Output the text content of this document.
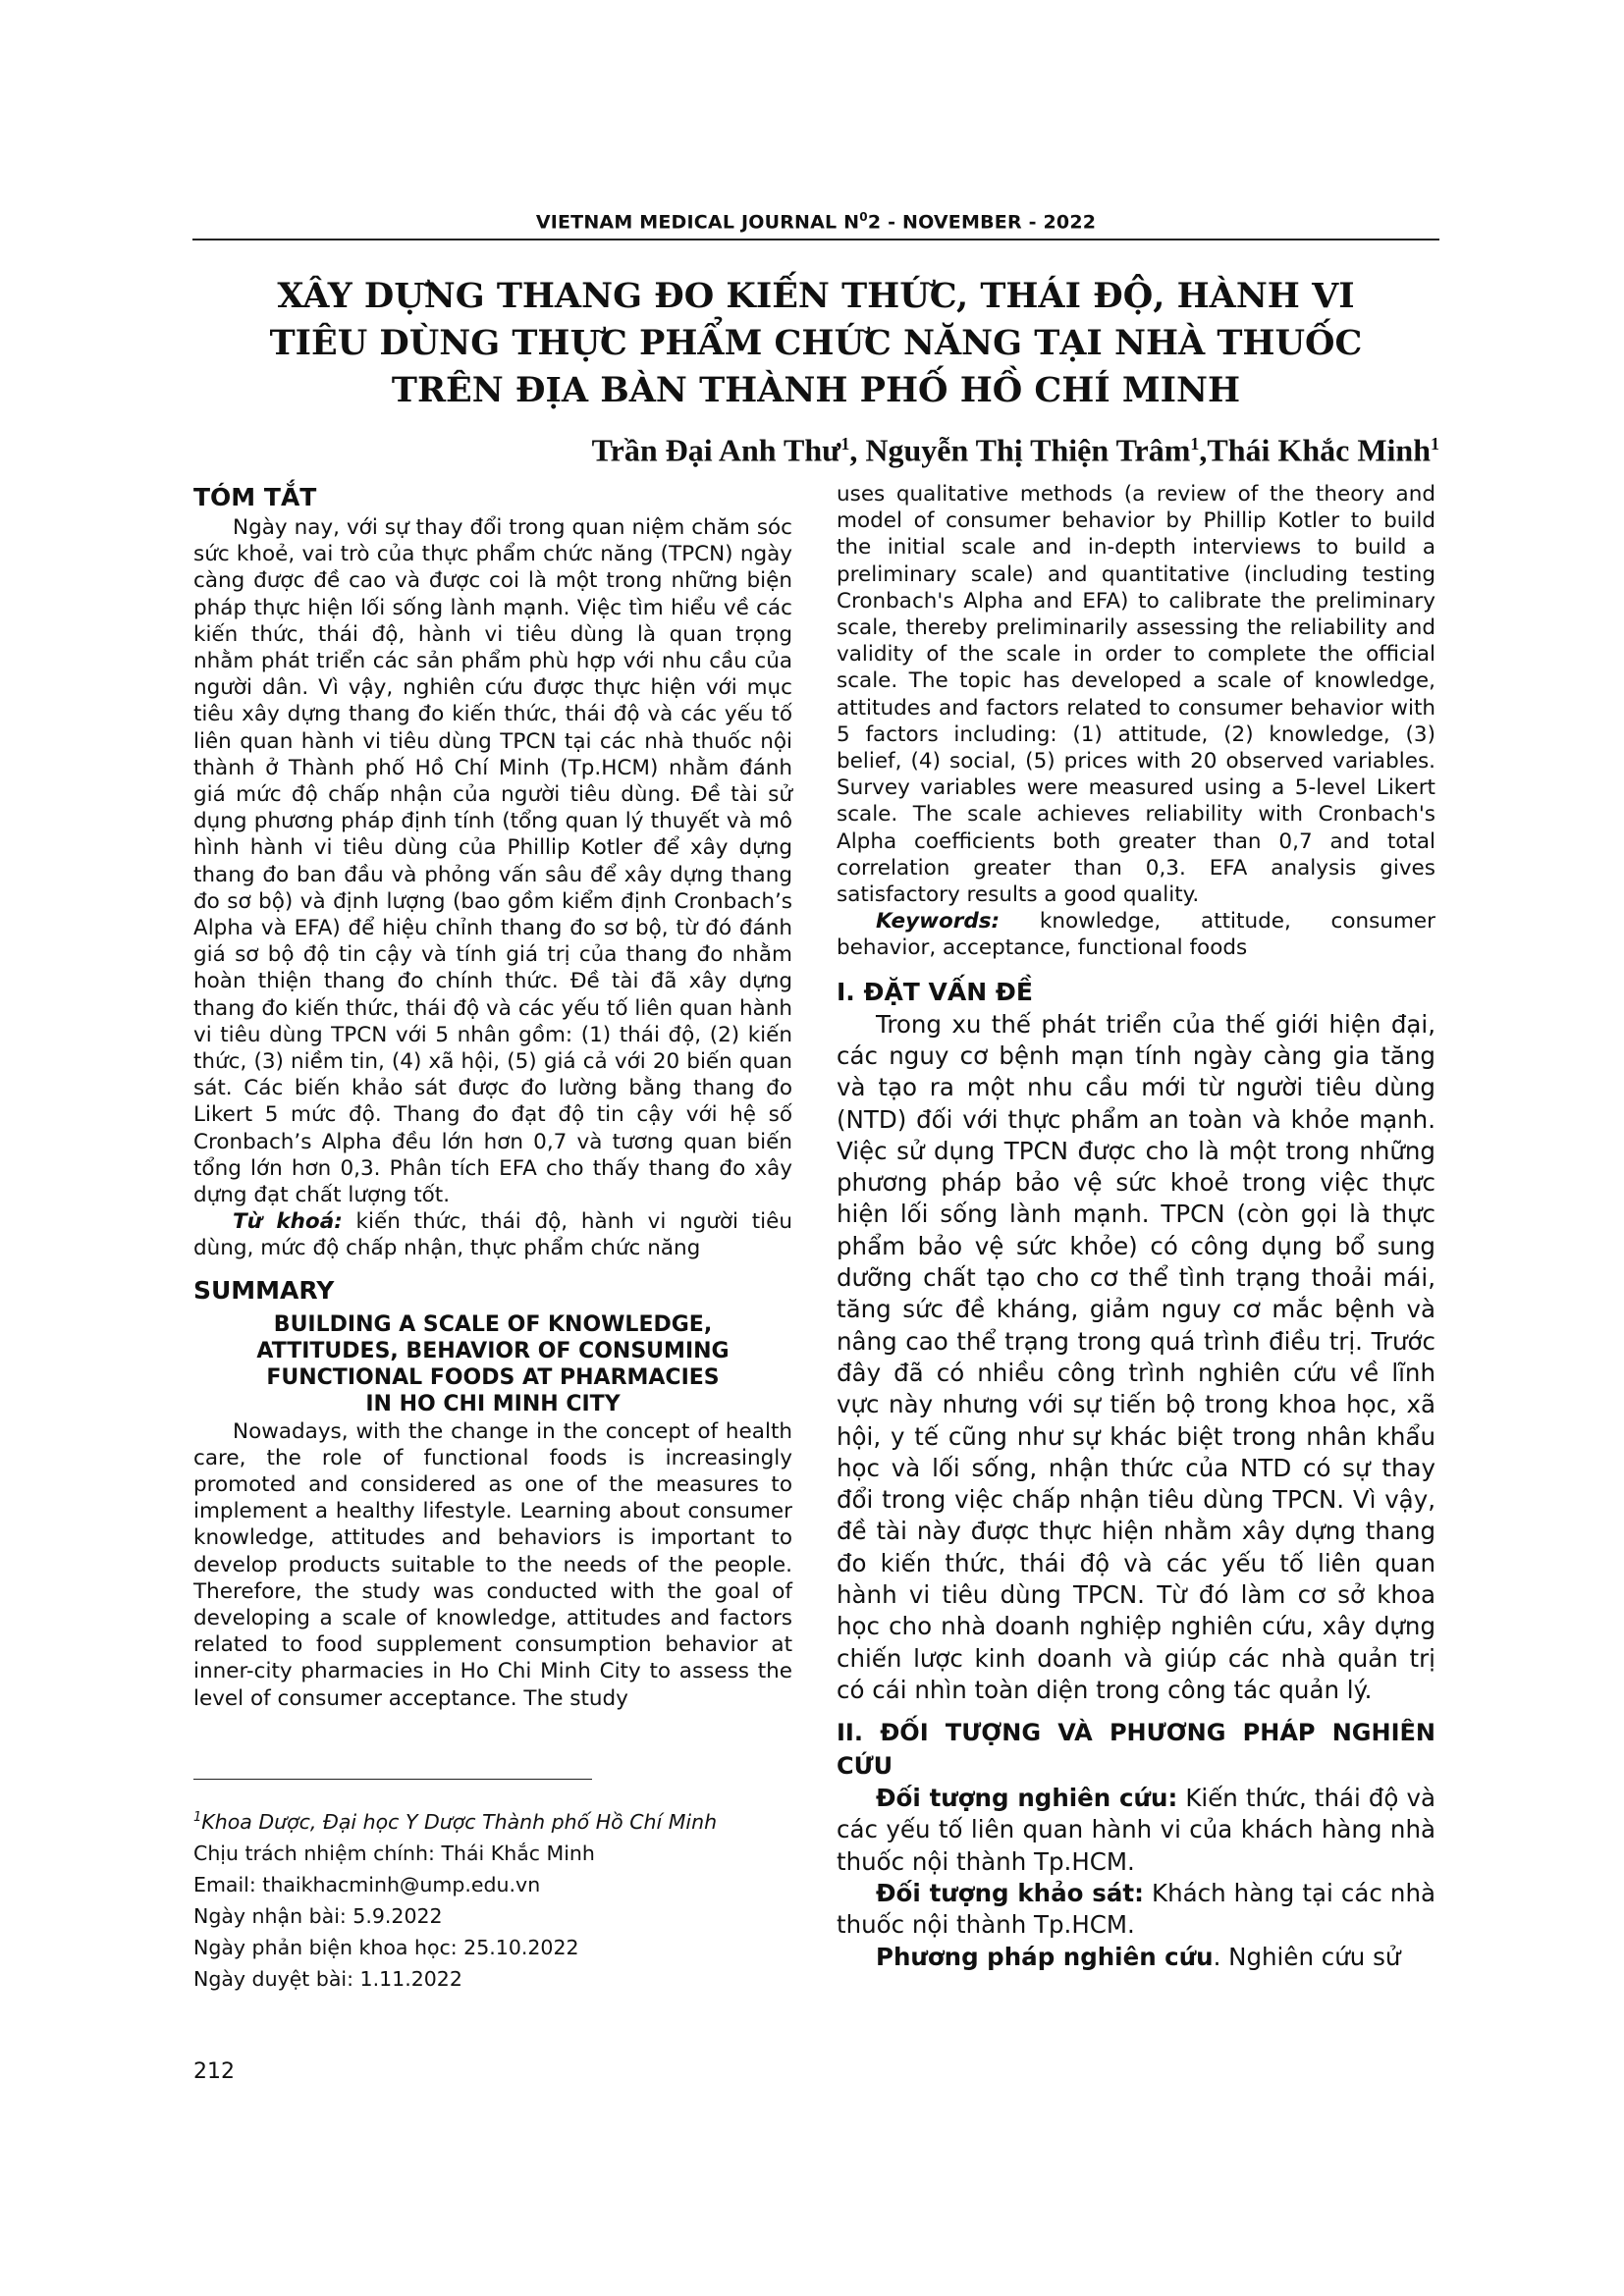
VIETNAM MEDICAL JOURNAL $N^02$ - NOVEMBER - 2022
XÂY DỰNG THANG ĐO KIẾN THỨC, THÁI ĐỘ, HÀNH VI
TIÊU DÙNG THỰC PHẨM CHỨC NĂNG TẠI NHÀ THUỐC
TRÊN ĐỊA BÀN THÀNH PHỐ HỒ CHÍ MINH
Trần Đại Anh Thư$^1$, Nguyễn Thị Thiện Trâm$^1$,Thái Khắc Minh$^1$
TÓM TẮT

Ngày nay, với sự thay đổi trong quan niệm chăm sóc sức khoẻ, vai trò của thực phẩm chức năng (TPCN) ngày càng được đề cao và được coi là một trong những biện pháp thực hiện lối sống lành mạnh. Việc tìm hiểu về các kiến thức, thái độ, hành vi tiêu dùng là quan trọng nhằm phát triển các sản phẩm phù hợp với nhu cầu của người dân. Vì vậy, nghiên cứu được thực hiện với mục tiêu xây dựng thang đo kiến thức, thái độ và các yếu tố liên quan hành vi tiêu dùng TPCN tại các nhà thuốc nội thành ở Thành phố Hồ Chí Minh (Tp.HCM) nhằm đánh giá mức độ chấp nhận của người tiêu dùng. Đề tài sử dụng phương pháp định tính (tổng quan lý thuyết và mô hình hành vi tiêu dùng của Phillip Kotler để xây dựng thang đo ban đầu và phỏng vấn sâu để xây dựng thang đo sơ bộ) và định lượng (bao gồm kiểm định Cronbach’s Alpha và EFA) để hiệu chỉnh thang đo sơ bộ, từ đó đánh giá sơ bộ độ tin cậy và tính giá trị của thang đo nhằm hoàn thiện thang đo chính thức. Đề tài đã xây dựng thang đo kiến thức, thái độ và các yếu tố liên quan hành vi tiêu dùng TPCN với 5 nhân gồm: (1) thái độ, (2) kiến thức, (3) niềm tin, (4) xã hội, (5) giá cả với 20 biến quan sát. Các biến khảo sát được đo lường bằng thang đo Likert 5 mức độ. Thang đo đạt độ tin cậy với hệ số Cronbach’s Alpha đều lớn hơn 0,7 và tương quan biến tổng lớn hơn 0,3. Phân tích EFA cho thấy thang đo xây dựng đạt chất lượng tốt.

Từ khoá: kiến thức, thái độ, hành vi người tiêu dùng, mức độ chấp nhận, thực phẩm chức năng

SUMMARY
BUILDING A SCALE OF KNOWLEDGE,
ATTITUDES, BEHAVIOR OF CONSUMING
FUNCTIONAL FOODS AT PHARMACIES
IN HO CHI MINH CITY

Nowadays, with the change in the concept of health care, the role of functional foods is increasingly promoted and considered as one of the measures to implement a healthy lifestyle. Learning about consumer knowledge, attitudes and behaviors is important to develop products suitable to the needs of the people. Therefore, the study was conducted with the goal of developing a scale of knowledge, attitudes and factors related to food supplement consumption behavior at inner-city pharmacies in Ho Chi Minh City to assess the level of consumer acceptance. The study

uses qualitative methods (a review of the theory and model of consumer behavior by Phillip Kotler to build the initial scale and in-depth interviews to build a preliminary scale) and quantitative (including testing Cronbach's Alpha and EFA) to calibrate the preliminary scale, thereby preliminarily assessing the reliability and validity of the scale in order to complete the official scale. The topic has developed a scale of knowledge, attitudes and factors related to consumer behavior with 5 factors including: (1) attitude, (2) knowledge, (3) belief, (4) social, (5) prices with 20 observed variables. Survey variables were measured using a 5-level Likert scale. The scale achieves reliability with Cronbach's Alpha coefficients both greater than 0,7 and total correlation greater than 0,3. EFA analysis gives satisfactory results a good quality.

Keywords: knowledge, attitude, consumer behavior, acceptance, functional foods

I. ĐẶT VẤN ĐỀ

Trong xu thế phát triển của thế giới hiện đại, các nguy cơ bệnh mạn tính ngày càng gia tăng và tạo ra một nhu cầu mới từ người tiêu dùng (NTD) đối với thực phẩm an toàn và khỏe mạnh. Việc sử dụng TPCN được cho là một trong những phương pháp bảo vệ sức khoẻ trong việc thực hiện lối sống lành mạnh. TPCN (còn gọi là thực phẩm bảo vệ sức khỏe) có công dụng bổ sung dưỡng chất tạo cho cơ thể tình trạng thoải mái, tăng sức đề kháng, giảm nguy cơ mắc bệnh và nâng cao thể trạng trong quá trình điều trị. Trước đây đã có nhiều công trình nghiên cứu về lĩnh vực này nhưng với sự tiến bộ trong khoa học, xã hội, y tế cũng như sự khác biệt trong nhân khẩu học và lối sống, nhận thức của NTD có sự thay đổi trong việc chấp nhận tiêu dùng TPCN. Vì vậy, đề tài này được thực hiện nhằm xây dựng thang đo kiến thức, thái độ và các yếu tố liên quan hành vi tiêu dùng TPCN. Từ đó làm cơ sở khoa học cho nhà doanh nghiệp nghiên cứu, xây dựng chiến lược kinh doanh và giúp các nhà quản trị có cái nhìn toàn diện trong công tác quản lý.

II. ĐỐI TƯỢNG VÀ PHƯƠNG PHÁP NGHIÊN CỨU

Đối tượng nghiên cứu: Kiến thức, thái độ và các yếu tố liên quan hành vi của khách hàng nhà thuốc nội thành Tp.HCM.

Đối tượng khảo sát: Khách hàng tại các nhà thuốc nội thành Tp.HCM.

Phương pháp nghiên cứu. Nghiên cứu sử

$^1$Khoa Dược, Đại học Y Dược Thành phố Hồ Chí Minh
Chịu trách nhiệm chính: Thái Khắc Minh
Email: thaikhacminh@ump.edu.vn
Ngày nhận bài: 5.9.2022
Ngày phản biện khoa học: 25.10.2022
Ngày duyệt bài: 1.11.2022
212
